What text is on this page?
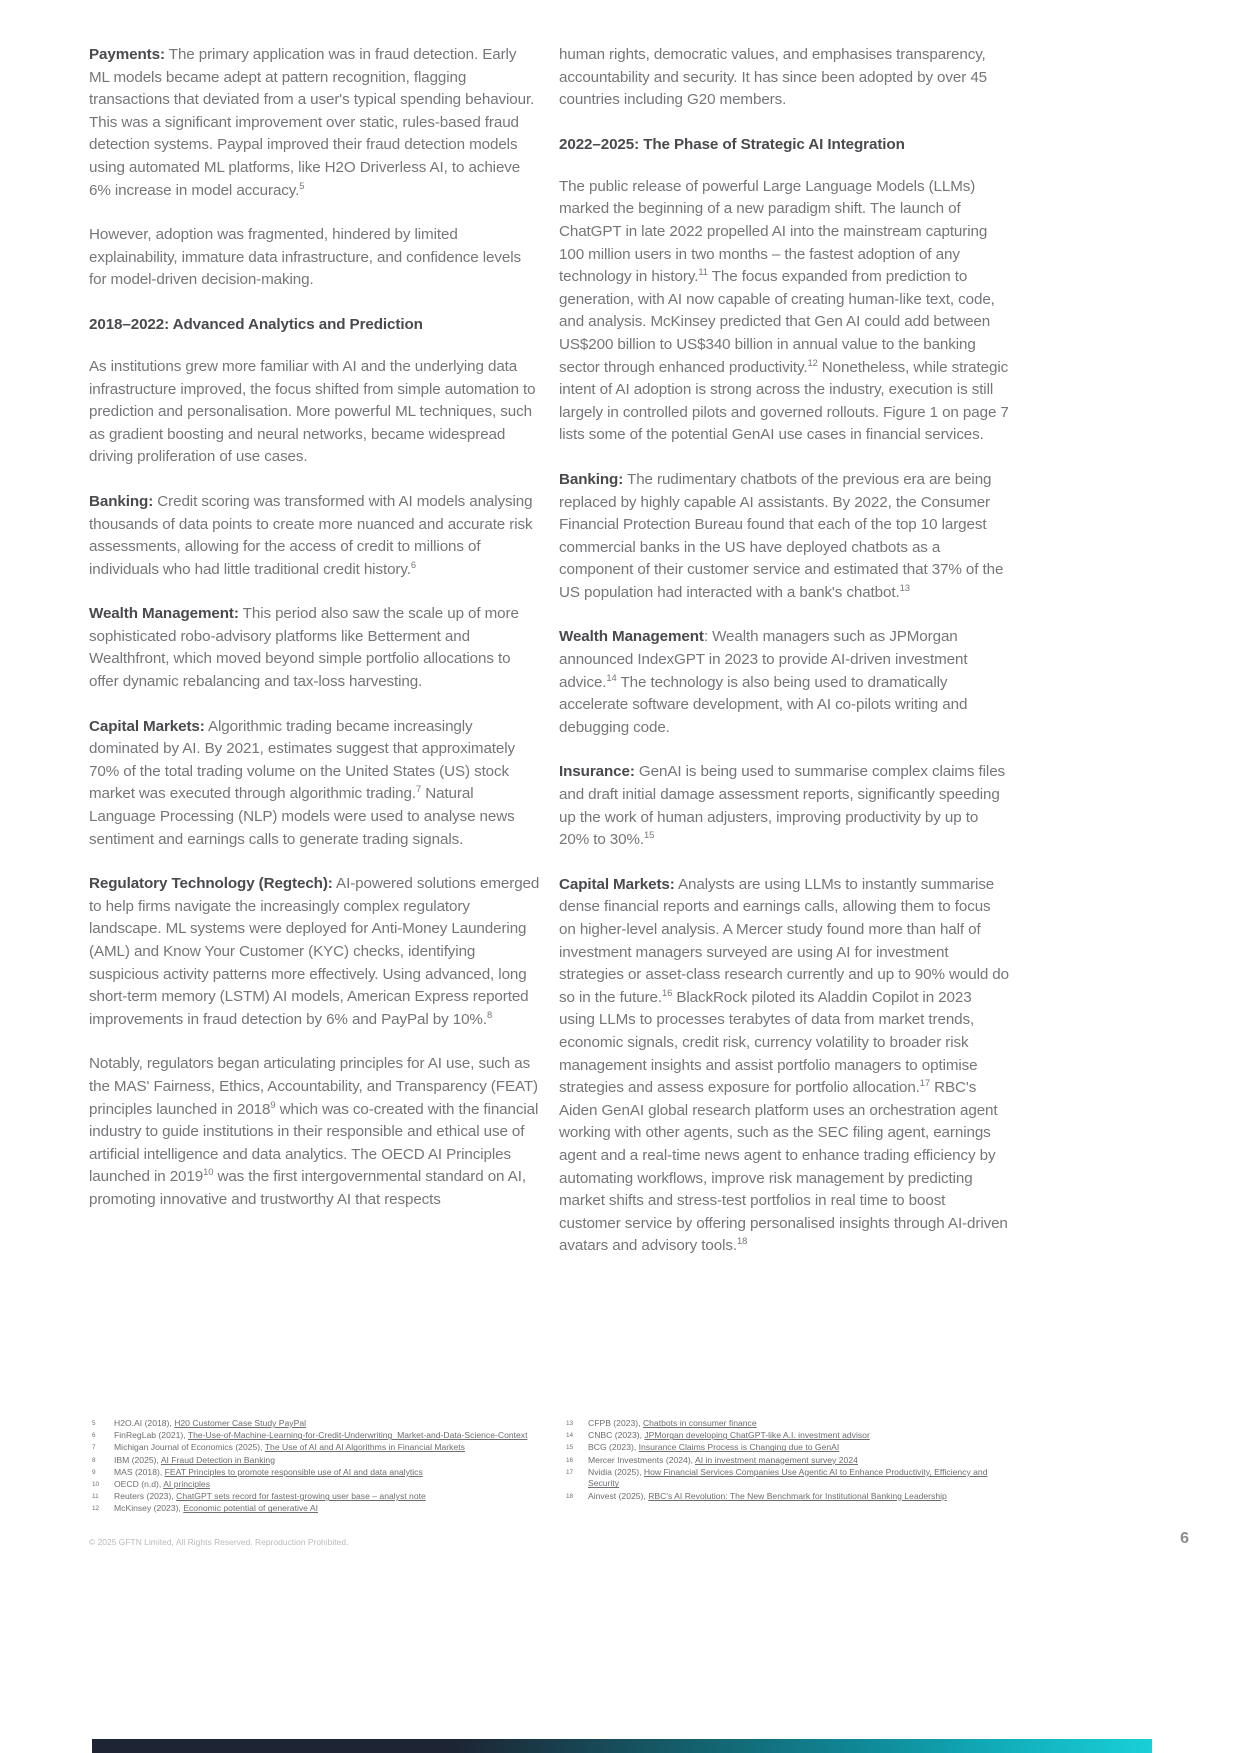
Payments: The primary application was in fraud detection. Early ML models became adept at pattern recognition, flagging transactions that deviated from a user's typical spending behaviour. This was a significant improvement over static, rules-based fraud detection systems. Paypal improved their fraud detection models using automated ML platforms, like H2O Driverless AI, to achieve 6% increase in model accuracy.$^5$

However, adoption was fragmented, hindered by limited explainability, immature data infrastructure, and confidence levels for model-driven decision-making.

2018–2022: Advanced Analytics and Prediction

As institutions grew more familiar with AI and the underlying data infrastructure improved, the focus shifted from simple automation to prediction and personalisation. More powerful ML techniques, such as gradient boosting and neural networks, became widespread driving proliferation of use cases.

Banking: Credit scoring was transformed with AI models analysing thousands of data points to create more nuanced and accurate risk assessments, allowing for the access of credit to millions of individuals who had little traditional credit history.$^6$

Wealth Management: This period also saw the scale up of more sophisticated robo-advisory platforms like Betterment and Wealthfront, which moved beyond simple portfolio allocations to offer dynamic rebalancing and tax-loss harvesting.

Capital Markets: Algorithmic trading became increasingly dominated by AI. By 2021, estimates suggest that approximately 70% of the total trading volume on the United States (US) stock market was executed through algorithmic trading.$^7$ Natural Language Processing (NLP) models were used to analyse news sentiment and earnings calls to generate trading signals.

Regulatory Technology (Regtech): AI-powered solutions emerged to help firms navigate the increasingly complex regulatory landscape. ML systems were deployed for Anti-Money Laundering (AML) and Know Your Customer (KYC) checks, identifying suspicious activity patterns more effectively. Using advanced, long short-term memory (LSTM) AI models, American Express reported improvements in fraud detection by 6% and PayPal by 10%.$^8$

Notably, regulators began articulating principles for AI use, such as the MAS' Fairness, Ethics, Accountability, and Transparency (FEAT) principles launched in 2018$^9$ which was co-created with the financial industry to guide institutions in their responsible and ethical use of artificial intelligence and data analytics. The OECD AI Principles launched in 2019$^{10}$ was the first intergovernmental standard on AI, promoting innovative and trustworthy AI that respects

human rights, democratic values, and emphasises transparency, accountability and security. It has since been adopted by over 45 countries including G20 members.

2022–2025: The Phase of Strategic AI Integration

The public release of powerful Large Language Models (LLMs) marked the beginning of a new paradigm shift. The launch of ChatGPT in late 2022 propelled AI into the mainstream capturing 100 million users in two months – the fastest adoption of any technology in history.$^{11}$ The focus expanded from prediction to generation, with AI now capable of creating human-like text, code, and analysis. McKinsey predicted that Gen AI could add between US$200 billion to US$340 billion in annual value to the banking sector through enhanced productivity.$^{12}$ Nonetheless, while strategic intent of AI adoption is strong across the industry, execution is still largely in controlled pilots and governed rollouts. Figure 1 on page 7 lists some of the potential GenAI use cases in financial services.

Banking: The rudimentary chatbots of the previous era are being replaced by highly capable AI assistants. By 2022, the Consumer Financial Protection Bureau found that each of the top 10 largest commercial banks in the US have deployed chatbots as a component of their customer service and estimated that 37% of the US population had interacted with a bank's chatbot.$^{13}$

Wealth Management: Wealth managers such as JPMorgan announced IndexGPT in 2023 to provide AI-driven investment advice.$^{14}$ The technology is also being used to dramatically accelerate software development, with AI co-pilots writing and debugging code.

Insurance: GenAI is being used to summarise complex claims files and draft initial damage assessment reports, significantly speeding up the work of human adjusters, improving productivity by up to 20% to 30%.$^{15}$

Capital Markets: Analysts are using LLMs to instantly summarise dense financial reports and earnings calls, allowing them to focus on higher-level analysis. A Mercer study found more than half of investment managers surveyed are using AI for investment strategies or asset-class research currently and up to 90% would do so in the future.$^{16}$ BlackRock piloted its Aladdin Copilot in 2023 using LLMs to processes terabytes of data from market trends, economic signals, credit risk, currency volatility to broader risk management insights and assist portfolio managers to optimise strategies and assess exposure for portfolio allocation.$^{17}$ RBC's Aiden GenAI global research platform uses an orchestration agent working with other agents, such as the SEC filing agent, earnings agent and a real-time news agent to enhance trading efficiency by automating workflows, improve risk management by predicting market shifts and stress-test portfolios in real time to boost customer service by offering personalised insights through AI-driven avatars and advisory tools.$^{18}$

5 H2O.AI (2018), H20 Customer Case Study PayPal
6 FinRegLab (2021), The-Use-of-Machine-Learning-for-Credit-Underwriting_Market-and-Data-Science-Context
7 Michigan Journal of Economics (2025), The Use of AI and AI Algorithms in Financial Markets
8 IBM (2025), AI Fraud Detection in Banking
9 MAS (2018), FEAT Principles to promote responsible use of AI and data analytics
10 OECD (n.d), AI principles
11 Reuters (2023), ChatGPT sets record for fastest-growing user base – analyst note
12 McKinsey (2023), Economic potential of generative AI
13 CFPB (2023), Chatbots in consumer finance
14 CNBC (2023), JPMorgan developing ChatGPT-like A.I. investment advisor
15 BCG (2023), Insurance Claims Process is Changing due to GenAI
16 Mercer Investments (2024), AI in investment management survey 2024
17 Nvidia (2025), How Financial Services Companies Use Agentic AI to Enhance Productivity, Efficiency and Security
18 Ainvest (2025), RBC's AI Revolution: The New Benchmark for Institutional Banking Leadership
© 2025 GFTN Limited, All Rights Reserved. Reproduction Prohibited.	6
